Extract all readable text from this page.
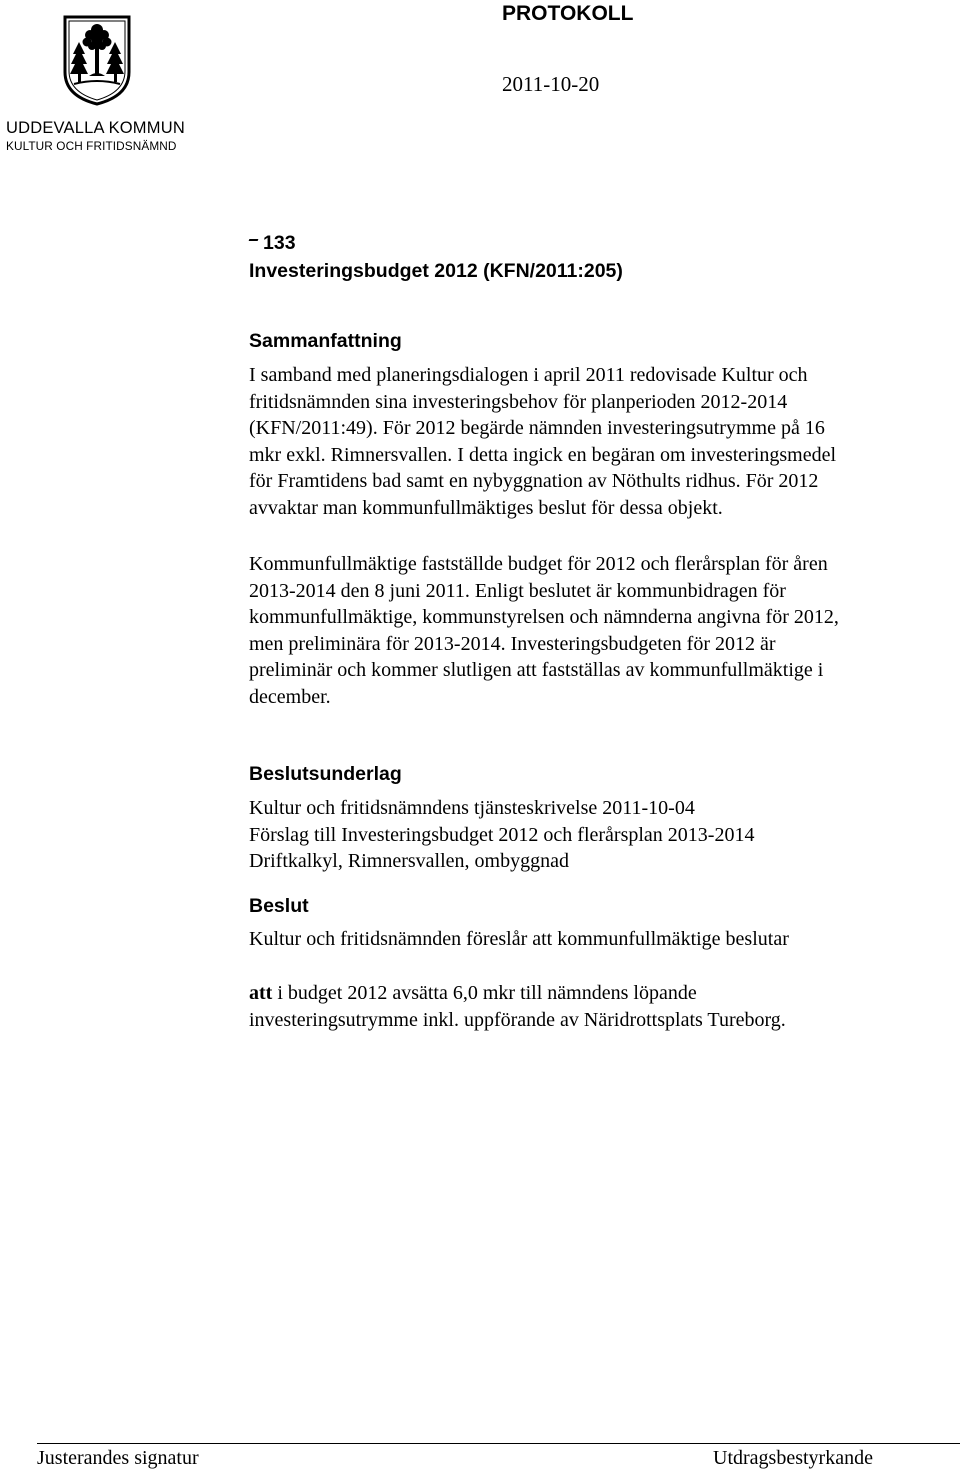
UDDEVALLA KOMMUN
KULTUR OCH FRITIDSNÄMND
PROTOKOLL
2011-10-20
133
Investeringsbudget 2012 (KFN/2011:205)
Sammanfattning
I samband med planeringsdialogen i april 2011 redovisade Kultur och
fritidsnämnden sina investeringsbehov för planperioden 2012-2014
(KFN/2011:49). För 2012 begärde nämnden investeringsutrymme på 16
mkr exkl. Rimnersvallen. I detta ingick en begäran om investeringsmedel
för Framtidens bad samt en nybyggnation av Nöthults ridhus. För 2012
avvaktar man kommunfullmäktiges beslut för dessa objekt.
Kommunfullmäktige fastställde budget för 2012 och flerårsplan för åren
2013-2014 den 8 juni 2011. Enligt beslutet är kommunbidragen för
kommunfullmäktige, kommunstyrelsen och nämnderna angivna för 2012,
men preliminära för 2013-2014. Investeringsbudgeten för 2012 är
preliminär och kommer slutligen att fastställas av kommunfullmäktige i
december.
Beslutsunderlag
Kultur och fritidsnämndens tjänsteskrivelse 2011-10-04
Förslag till Investeringsbudget 2012 och flerårsplan 2013-2014
Driftkalkyl, Rimnersvallen, ombyggnad
Beslut
Kultur och fritidsnämnden föreslår att kommunfullmäktige beslutar
att i budget 2012 avsätta 6,0 mkr till nämndens löpande
investeringsutrymme inkl. uppförande av Näridrottsplats Tureborg.
Justerandes signatur	Utdragsbestyrkande
